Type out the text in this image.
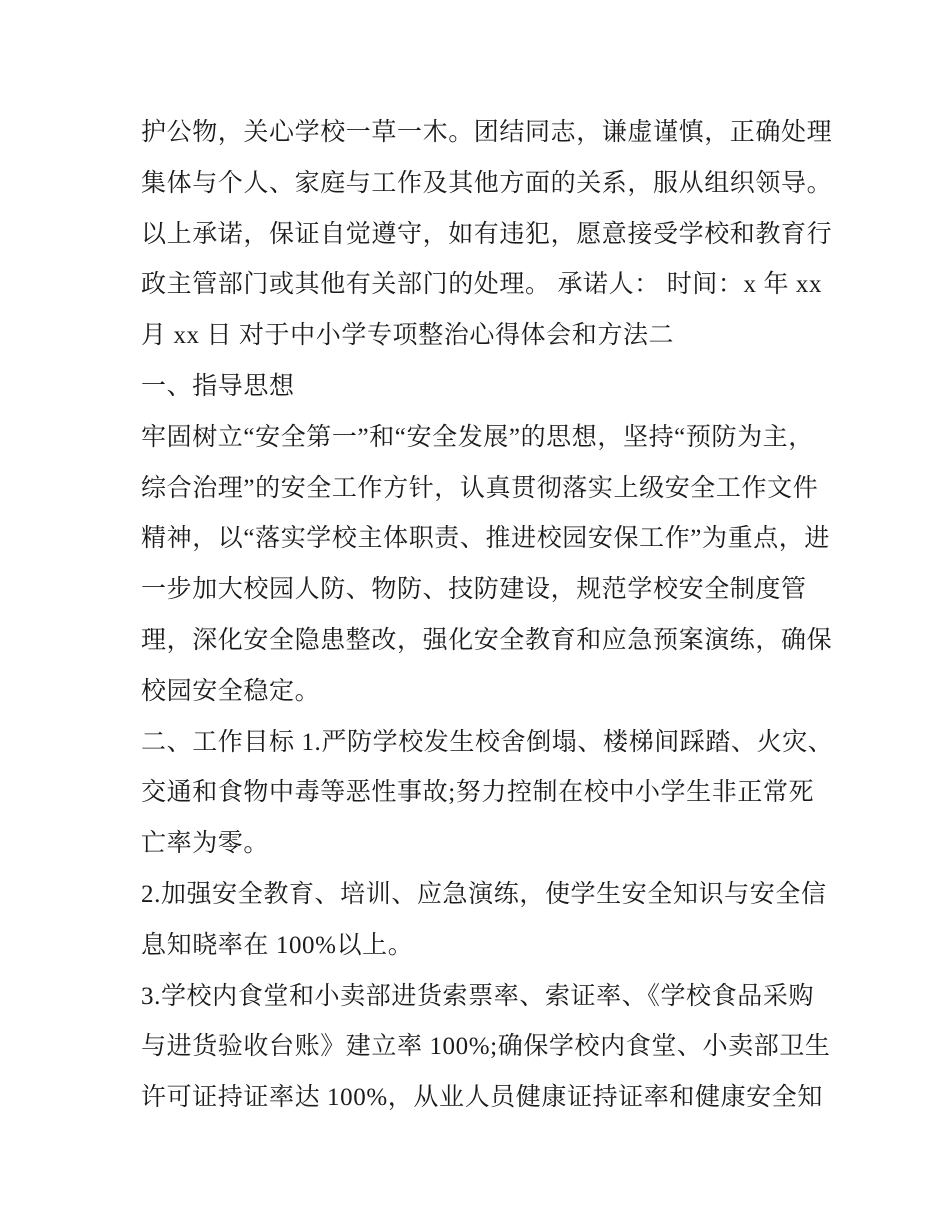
护公物，关心学校一草一木。团结同志，谦虚谨慎，正确处理
集体与个人、家庭与工作及其他方面的关系，服从组织领导。
以上承诺，保证自觉遵守，如有违犯，愿意接受学校和教育行
政主管部门或其他有关部门的处理。 承诺人： 时间：x 年 xx
月 xx 日 对于中小学专项整治心得体会和方法二
一、指导思想
牢固树立“安全第一”和“安全发展”的思想，坚持“预防为主，
综合治理”的安全工作方针，认真贯彻落实上级安全工作文件
精神，以“落实学校主体职责、推进校园安保工作”为重点，进
一步加大校园人防、物防、技防建设，规范学校安全制度管
理，深化安全隐患整改，强化安全教育和应急预案演练，确保
校园安全稳定。
二、工作目标 1.严防学校发生校舍倒塌、楼梯间踩踏、火灾、
交通和食物中毒等恶性事故;努力控制在校中小学生非正常死
亡率为零。
2.加强安全教育、培训、应急演练，使学生安全知识与安全信
息知晓率在 100%以上。
3.学校内食堂和小卖部进货索票率、索证率、《学校食品采购
与进货验收台账》建立率 100%;确保学校内食堂、小卖部卫生
许可证持证率达 100%，从业人员健康证持证率和健康安全知
